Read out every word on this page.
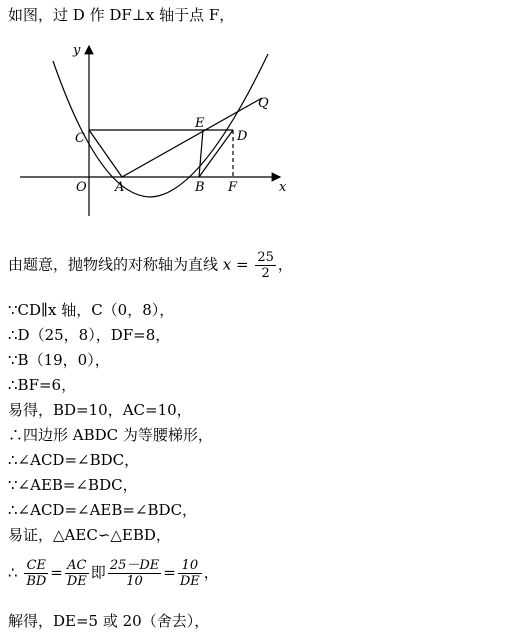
如图，过 D 作 DF⊥x 轴于点 F，
y
x
O A	B F
C
E
D
Q
由题意，抛物线的对称轴为直线 $x = \frac{25}{2}$ ，
∵CD∥x 轴，C（0，8），
∴D（25，8），DF=8，
∵B（19，0），
∴BF=6，
易得，BD=10，AC=10，
∴四边形 ABDC 为等腰梯形，
∴∠ACD=∠BDC，
∵∠AEB=∠BDC，
∴∠ACD=∠AEB=∠BDC，
易证，△AEC∽△EBD，
∴ $\frac{CE}{BD} = \frac{AC}{DE}$ 即 $\frac{25-DE}{10} = \frac{10}{DE}$ ，
解得，DE=5 或 20（舍去），
